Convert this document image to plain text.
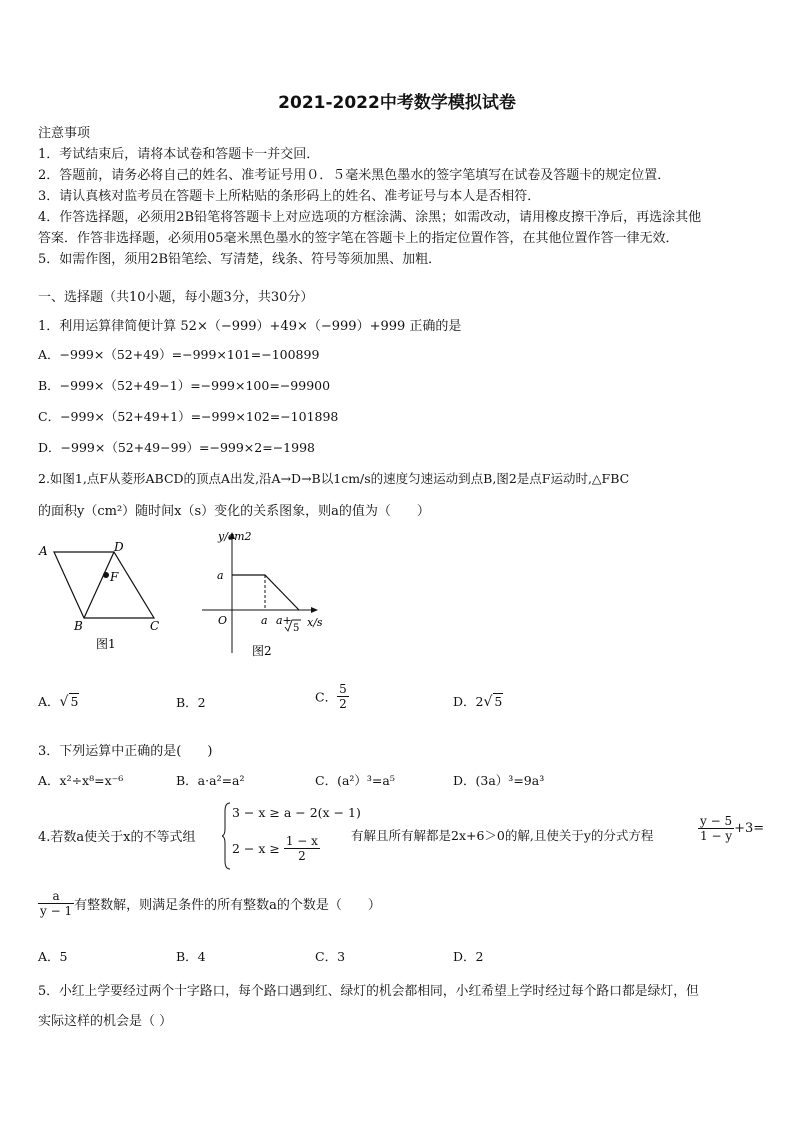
2021-2022中考数学模拟试卷
注意事项
1．考试结束后，请将本试卷和答题卡一并交回．
2．答题前，请务必将自己的姓名、准考证号用０．５毫米黑色墨水的签字笔填写在试卷及答题卡的规定位置．
3．请认真核对监考员在答题卡上所粘贴的条形码上的姓名、准考证号与本人是否相符．
4．作答选择题，必须用2B铅笔将答题卡上对应选项的方框涂满、涂黑；如需改动，请用橡皮擦干净后，再选涂其他
答案．作答非选择题，必须用05毫米黑色墨水的签字笔在答题卡上的指定位置作答，在其他位置作答一律无效．
5．如需作图，须用2B铅笔绘、写清楚，线条、符号等须加黑、加粗．
一、选择题（共10小题，每小题3分，共30分）
1．利用运算律简便计算 52×（−999）+49×（−999）+999 正确的是
A．−999×（52+49）=−999×101=−100899
B．−999×（52+49−1）=−999×100=−99900
C．−999×（52+49+1）=−999×102=−101898
D．−999×（52+49−99）=−999×2=−1998
2.如图1,点F从菱形ABCD的顶点A出发,沿A→D→B以1cm/s的速度匀速运动到点B,图2是点F运动时,△FBC
的面积y（cm²）随时间x（s）变化的关系图象，则a的值为（　　）
A	D
F
B	C
图1
y/cm2
a
O	a a+
5 x/s
图2
A．√ 5	B．2	C． $\frac{5}{2}$	D．2√ 5
3．下列运算中正确的是(　　)
A．x²÷x⁸=x⁻⁶	B．a·a²=a²	C．(a²）³=a⁵	D．(3a）³=9a³
4.若数a使关于x的不等式组
3 − x ≥ a − 2(x − 1)
$2 - x \ge \frac{1 - x}{2}$ 有解且所有解都是2x+6＞0的解,且使关于y的分式方程	$\frac{y - 5}{1 - y} +3=$
$\frac{a}{y - 1}$ 有整数解，则满足条件的所有整数a的个数是（　　）
A．5	B．4	C．3	D．2
5．小红上学要经过两个十字路口，每个路口遇到红、绿灯的机会都相同，小红希望上学时经过每个路口都是绿灯，但
实际这样的机会是（ ）
